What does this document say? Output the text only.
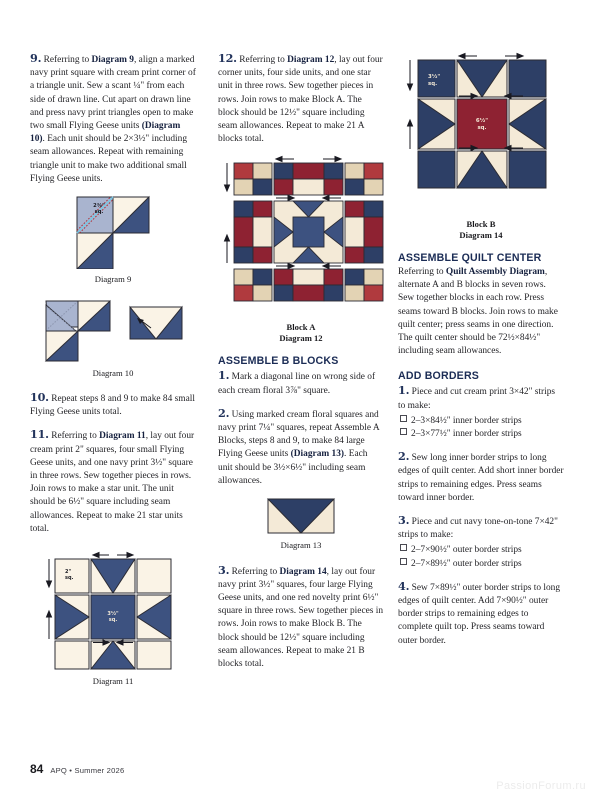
9. Referring to Diagram 9, align a marked navy print square with cream print corner of a triangle unit. Sew a scant ¼" from each side of drawn line. Cut apart on drawn line and press navy print triangles open to make two small Flying Geese units (Diagram 10). Each unit should be 2×3½" including seam allowances. Repeat with remaining triangle unit to make two additional small Flying Geese units.

2⅜"
sq.
Diagram 9
Diagram 10

10. Repeat steps 8 and 9 to make 84 small Flying Geese units total.

11. Referring to Diagram 11, lay out four cream print 2" squares, four small Flying Geese units, and one navy print 3½" square in three rows. Sew together pieces in rows. Join rows to make a star unit. The unit should be 6½" square including seam allowances. Repeat to make 21 star units total.

2"
sq.
3½"
sq.
Diagram 11

12. Referring to Diagram 12, lay out four corner units, four side units, and one star unit in three rows. Sew together pieces in rows. Join rows to make Block A. The block should be 12½" square including seam allowances. Repeat to make 21 A blocks total.

Block A
Diagram 12
ASSEMBLE B BLOCKS

1. Mark a diagonal line on wrong side of each cream floral 3⅞" square.

2. Using marked cream floral squares and navy print 7¼" squares, repeat Assemble A Blocks, steps 8 and 9, to make 84 large Flying Geese units (Diagram 13). Each unit should be 3½×6½" including seam allowances.

Diagram 13

3. Referring to Diagram 14, lay out four navy print 3½" squares, four large Flying Geese units, and one red novelty print 6½" square in three rows. Sew together pieces in rows. Join rows to make Block B. The block should be 12½" square including seam allowances. Repeat to make 21 B blocks total.

3½"
sq.
6½"
sq.
Block B
Diagram 14
ASSEMBLE QUILT CENTER

Referring to Quilt Assembly Diagram, alternate A and B blocks in seven rows. Sew together blocks in each row. Press seams toward B blocks. Join rows to make quilt center; press seams in one direction. The quilt center should be 72½×84½" including seam allowances.

ADD BORDERS

1. Piece and cut cream print 3×42" strips to make:

2–3×84½" inner border strips

2–3×77½" inner border strips

2. Sew long inner border strips to long edges of quilt center. Add short inner border strips to remaining edges. Press seams toward inner border.

3. Piece and cut navy tone-on-tone 7×42" strips to make:

2–7×90½" outer border strips

2–7×89½" outer border strips

4. Sew 7×89½" outer border strips to long edges of quilt center. Add 7×90½" outer border strips to remaining edges to complete quilt top. Press seams toward outer border.

84 APQ • Summer 2026
PassionForum.ru
